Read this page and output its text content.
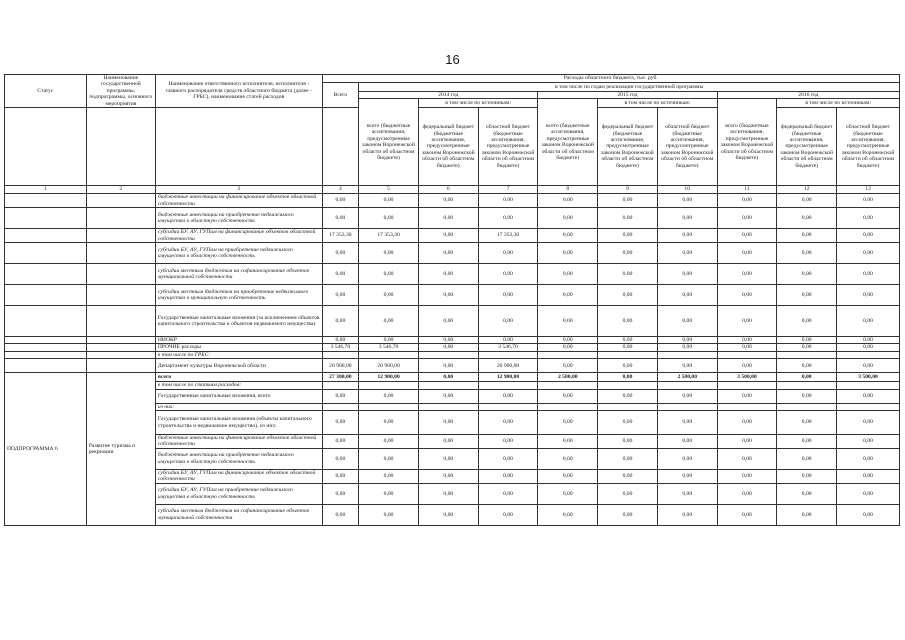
16
Статус	Наименование государственной программы, подпрограммы, основного мероприятия	Наименование ответственного исполнителя, исполнителя - главного распорядителя средств областного бюджета (далее - ГРБС), наименование статей расходов	Расходы областного бюджета, тыс. руб.									
			Всего	в том числе по годам реализации государственной программы								
				2014 год			2015 год			2016 год		
				всего (бюджетные ассигнования, предусмотренные законом Воронежской области об областном бюджете)	в том числе по источникам:		всего (бюджетные ассигнования, предусмотренные законом Воронежской области об областном бюджете)	в том числе по источникам:		всего (бюджетные ассигнования, предусмотренные законом Воронежской области об областном бюджете)	в том числе по источникам:	
					федеральный бюджет (бюджетные ассигнования, предусмотренные законом Воронежской области об областном бюджете)	областной бюджет (бюджетные ассигнования, предусмотренные законом Воронежской области об областном бюджете)		федеральный бюджет (бюджетные ассигнования, предусмотренные законом Воронежской области об областном бюджете)	областной бюджет (бюджетные ассигнования, предусмотренные законом Воронежской области об областном бюджете)		федеральный бюджет (бюджетные ассигнования, предусмотренные законом Воронежской области об областном бюджете)	областной бюджет (бюджетные ассигнования, предусмотренные законом Воронежской области об областном бюджете)
1	2	3	4	5	6	7	8	9	10	11	12	13
		бюджетные инвестиции на финансирование объектов областной собственности	0,00	0,00	0,00	0,00	0,00	0,00	0,00	0,00	0,00	0,00
		бюджетные инвестиции на приобретение недвижимого имущества в областную собственность	0,00	0,00	0,00	0,00	0,00	0,00	0,00	0,00	0,00	0,00
		субсидии БУ, АУ, ГУПам на финансирование объектов областной собственности	17 353,30	17 353,30	0,00	17 353,30	0,00	0,00	0,00	0,00	0,00	0,00
		субсидии БУ, АУ, ГУПам на приобретение недвижимого имущества в областную собственность	0,00	0,00	0,00	0,00	0,00	0,00	0,00	0,00	0,00	0,00
		субсидии местным бюджетам на софинансирование объектов муниципальной собственности	0,00	0,00	0,00	0,00	0,00	0,00	0,00	0,00	0,00	0,00
		субсидии местным бюджетам на приобретение недвижимого имущества в муниципальную собственность	0,00	0,00	0,00	0,00	0,00	0,00	0,00	0,00	0,00	0,00
		Государственные капитальные вложения (за исключением объектов капитального строительства и объектов недвижимого имущества)	0,00	0,00	0,00	0,00	0,00	0,00	0,00	0,00	0,00	0,00
		НИОКР	0,00	0,00	0,00	0,00	0,00	0,00	0,00	0,00	0,00	0,00
		ПРОЧИЕ расходы	3 546,70	3 546,70	0,00	3 546,70	0,00	0,00	0,00	0,00	0,00	0,00
		в том числе по ГРБС:										
		Департамент культуры Воронежской области	20 900,00	20 900,00	0,00	20 900,00	0,00	0,00	0,00	0,00	0,00	0,00
ПОДПРОГРАММА 6	Развитие туризма и рекреации	всего	27 300,00	12 900,00	0,00	12 900,00	2 500,00	0,00	2 500,00	3 500,00	0,00	3 500,00
		в том числе по статьям расходов:										
		Государственные капитальные вложения, всего	0,00	0,00	0,00	0,00	0,00	0,00	0,00	0,00	0,00	0,00
		из них:										
		Государственные капитальные вложения (объекты капитального строительства и недвижимое имущество), из них:	0,00	0,00	0,00	0,00	0,00	0,00	0,00	0,00	0,00	0,00
		бюджетные инвестиции на финансирование объектов областной собственности	0,00	0,00	0,00	0,00	0,00	0,00	0,00	0,00	0,00	0,00
		бюджетные инвестиции на приобретение недвижимого имущества в областную собственность	0,00	0,00	0,00	0,00	0,00	0,00	0,00	0,00	0,00	0,00
		субсидии БУ, АУ, ГУПам на финансирование объектов областной собственности	0,00	0,00	0,00	0,00	0,00	0,00	0,00	0,00	0,00	0,00
		субсидии БУ, АУ, ГУПам на приобретение недвижимого имущества в областную собственность	0,00	0,00	0,00	0,00	0,00	0,00	0,00	0,00	0,00	0,00
		субсидии местным бюджетам на софинансирование объектов муниципальной собственности	0,00	0,00	0,00	0,00	0,00	0,00	0,00	0,00	0,00	0,00
